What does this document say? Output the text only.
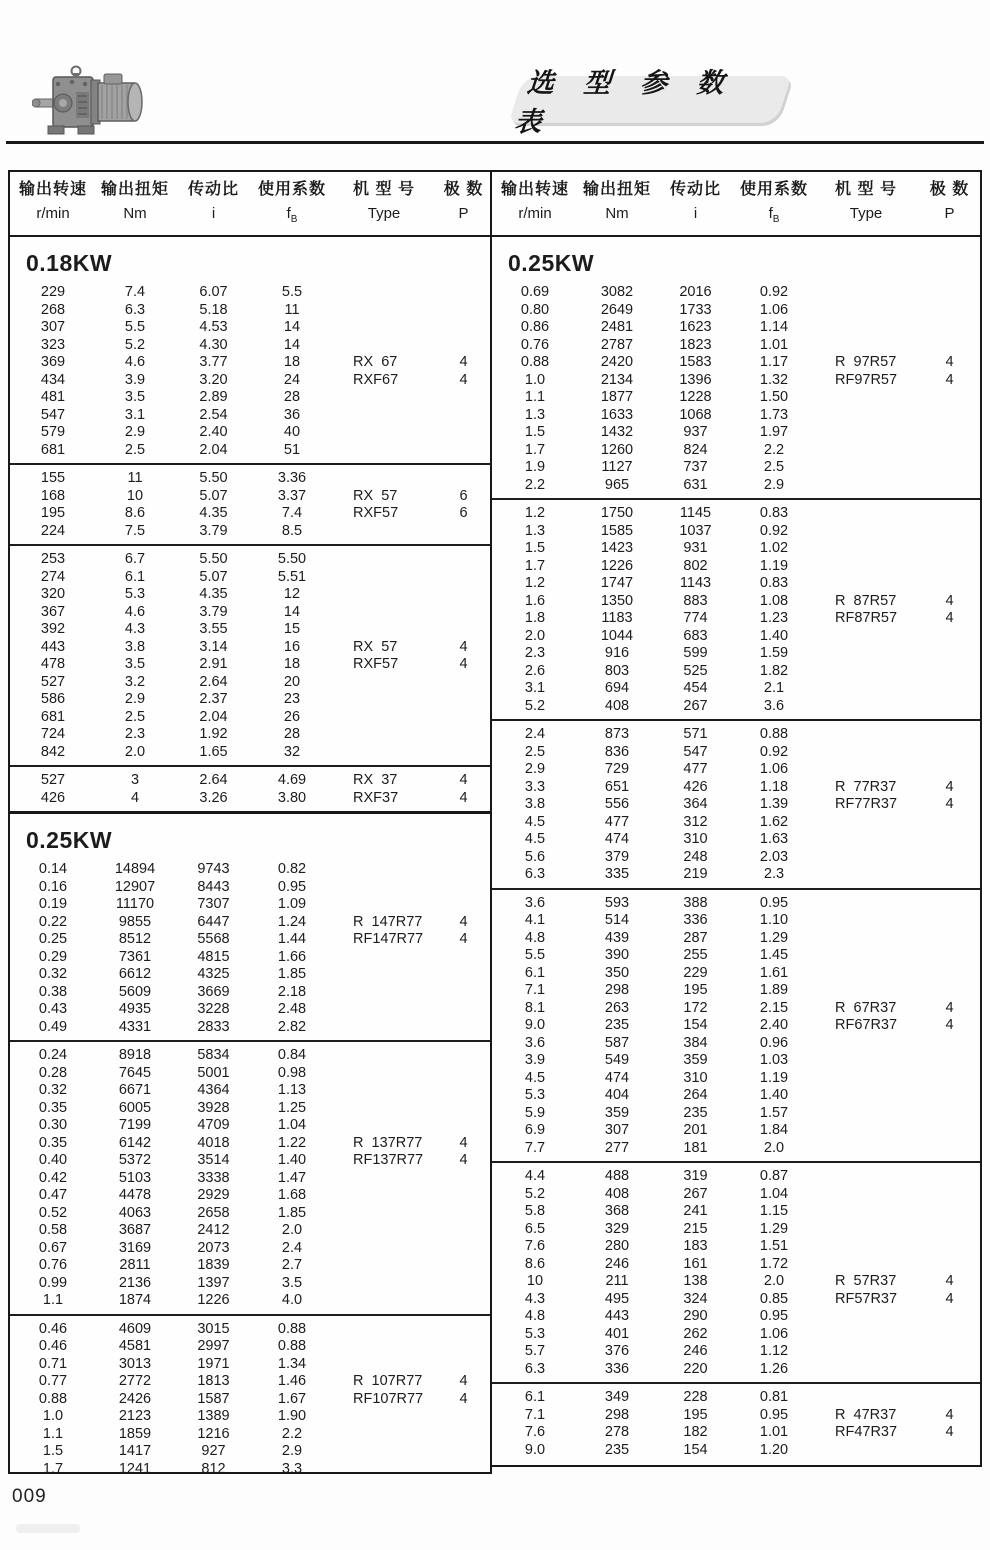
选 型 参 数 表
输出转速 输出扭矩	传动比	使用系数	机 型 号	极 数
r/min	Nm	i	$f_B$	Type	P
0.18KW
229	7.4	6.07	5.5
268	6.3	5.18	11
307	5.5	4.53	14
323	5.2	4.30	14
369	4.6	3.77	18	RX  67	4
434	3.9	3.20	24	RXF67	4
481	3.5	2.89	28
547	3.1	2.54	36
579	2.9	2.40	40
681	2.5	2.04	51
155	11	5.50	3.36
168	10	5.07	3.37	RX  57	6
195	8.6	4.35	7.4	RXF57	6
224	7.5	3.79	8.5
253	6.7	5.50	5.50
274	6.1	5.07	5.51
320	5.3	4.35	12
367	4.6	3.79	14
392	4.3	3.55	15
443	3.8	3.14	16	RX  57	4
478	3.5	2.91	18	RXF57	4
527	3.2	2.64	20
586	2.9	2.37	23
681	2.5	2.04	26
724	2.3	1.92	28
842	2.0	1.65	32
527	3	2.64	4.69	RX  37	4
426	4	3.26	3.80	RXF37	4
0.25KW
0.14	14894	9743	0.82
0.16	12907	8443	0.95
0.19	11170	7307	1.09
0.22	9855	6447	1.24	R  147R77	4
0.25	8512	5568	1.44	RF147R77	4
0.29	7361	4815	1.66
0.32	6612	4325	1.85
0.38	5609	3669	2.18
0.43	4935	3228	2.48
0.49	4331	2833	2.82
0.24	8918	5834	0.84
0.28	7645	5001	0.98
0.32	6671	4364	1.13
0.35	6005	3928	1.25
0.30	7199	4709	1.04
0.35	6142	4018	1.22	R  137R77	4
0.40	5372	3514	1.40	RF137R77	4
0.42	5103	3338	1.47
0.47	4478	2929	1.68
0.52	4063	2658	1.85
0.58	3687	2412	2.0
0.67	3169	2073	2.4
0.76	2811	1839	2.7
0.99	2136	1397	3.5
1.1	1874	1226	4.0
0.46	4609	3015	0.88
0.46	4581	2997	0.88
0.71	3013	1971	1.34
0.77	2772	1813	1.46	R  107R77	4
0.88	2426	1587	1.67	RF107R77	4
1.0	2123	1389	1.90
1.1	1859	1216	2.2
1.5	1417	927	2.9
1.7	1241	812	3.3
输出转速 输出扭矩	传动比	使用系数	机 型 号	极 数
r/min	Nm	i	$f_B$	Type	P
0.25KW
0.69	3082	2016	0.92
0.80	2649	1733	1.06
0.86	2481	1623	1.14
0.76	2787	1823	1.01
0.88	2420	1583	1.17	R  97R57	4
1.0	2134	1396	1.32	RF97R57	4
1.1	1877	1228	1.50
1.3	1633	1068	1.73
1.5	1432	937	1.97
1.7	1260	824	2.2
1.9	1127	737	2.5
2.2	965	631	2.9
1.2	1750	1145	0.83
1.3	1585	1037	0.92
1.5	1423	931	1.02
1.7	1226	802	1.19
1.2	1747	1143	0.83
1.6	1350	883	1.08	R  87R57	4
1.8	1183	774	1.23	RF87R57	4
2.0	1044	683	1.40
2.3	916	599	1.59
2.6	803	525	1.82
3.1	694	454	2.1
5.2	408	267	3.6
2.4	873	571	0.88
2.5	836	547	0.92
2.9	729	477	1.06
3.3	651	426	1.18	R  77R37	4
3.8	556	364	1.39	RF77R37	4
4.5	477	312	1.62
4.5	474	310	1.63
5.6	379	248	2.03
6.3	335	219	2.3
3.6	593	388	0.95
4.1	514	336	1.10
4.8	439	287	1.29
5.5	390	255	1.45
6.1	350	229	1.61
7.1	298	195	1.89
8.1	263	172	2.15	R  67R37	4
9.0	235	154	2.40	RF67R37	4
3.6	587	384	0.96
3.9	549	359	1.03
4.5	474	310	1.19
5.3	404	264	1.40
5.9	359	235	1.57
6.9	307	201	1.84
7.7	277	181	2.0
4.4	488	319	0.87
5.2	408	267	1.04
5.8	368	241	1.15
6.5	329	215	1.29
7.6	280	183	1.51
8.6	246	161	1.72
10	211	138	2.0	R  57R37	4
4.3	495	324	0.85	RF57R37	4
4.8	443	290	0.95
5.3	401	262	1.06
5.7	376	246	1.12
6.3	336	220	1.26
6.1	349	228	0.81
7.1	298	195	0.95	R  47R37	4
7.6	278	182	1.01	RF47R37	4
9.0	235	154	1.20
009
